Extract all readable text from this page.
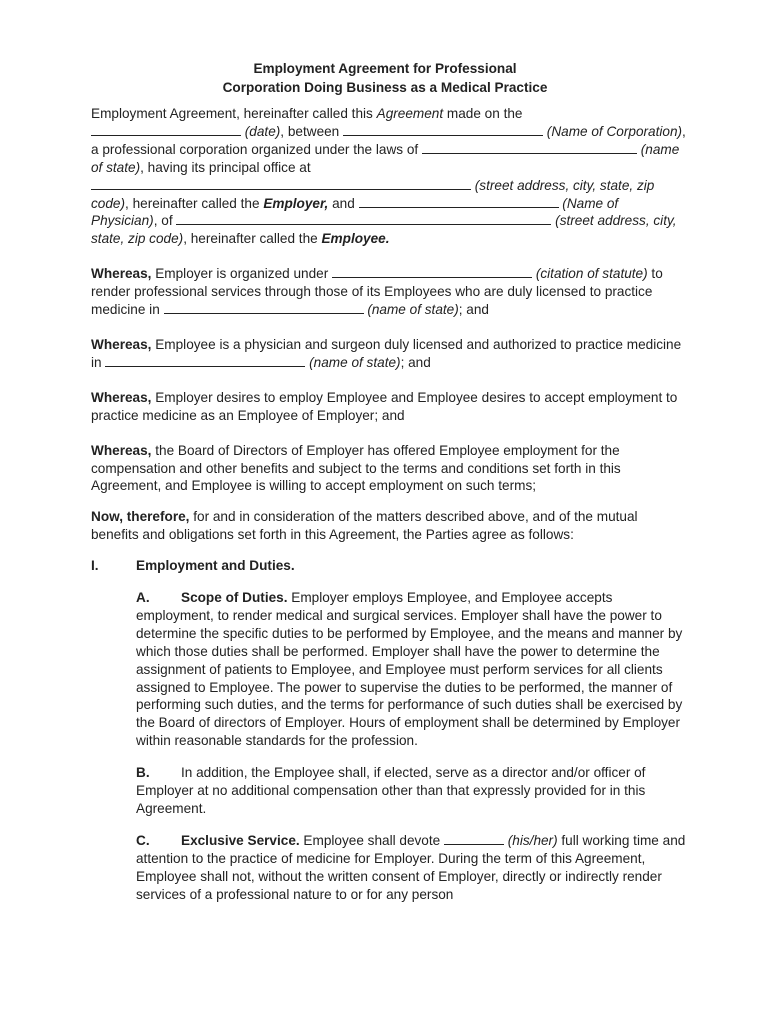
Employment Agreement for Professional
Corporation Doing Business as a Medical Practice

Employment Agreement, hereinafter called this Agreement made on the
(date), between	(Name of Corporation), a professional corporation organized under the laws of	(name of state), having its principal office at  (street address, city, state, zip code), hereinafter called the Employer, and	(Name of Physician), of	(street address, city, state, zip code), hereinafter called the Employee.

Whereas, Employer is organized under	(citation of statute) to render professional services through those of its Employees who are duly licensed to practice medicine in	(name of state); and

Whereas, Employee is a physician and surgeon duly licensed and authorized to practice medicine in	(name of state); and

Whereas, Employer desires to employ Employee and Employee desires to accept employment to practice medicine as an Employee of Employer; and

Whereas, the Board of Directors of Employer has offered Employee employment for the compensation and other benefits and subject to the terms and conditions set forth in this Agreement, and Employee is willing to accept employment on such terms;

Now, therefore, for and in consideration of the matters described above, and of the mutual benefits and obligations set forth in this Agreement, the Parties agree as follows:

I.	Employment and Duties.

A. Scope of Duties. Employer employs Employee, and Employee accepts employment, to render medical and surgical services. Employer shall have the power to determine the specific duties to be performed by Employee, and the means and manner by which those duties shall be performed. Employer shall have the power to determine the assignment of patients to Employee, and Employee must perform services for all clients assigned to Employee. The power to supervise the duties to be performed, the manner of performing such duties, and the terms for performance of such duties shall be exercised by the Board of directors of Employer. Hours of employment shall be determined by Employer within reasonable standards for the profession.

B. In addition, the Employee shall, if elected, serve as a director and/or officer of Employer at no additional compensation other than that expressly provided for in this Agreement.

C. Exclusive Service. Employee shall devote	(his/her) full working time and attention to the practice of medicine for Employer. During the term of this Agreement, Employee shall not, without the written consent of Employer, directly or indirectly render services of a professional nature to or for any person
